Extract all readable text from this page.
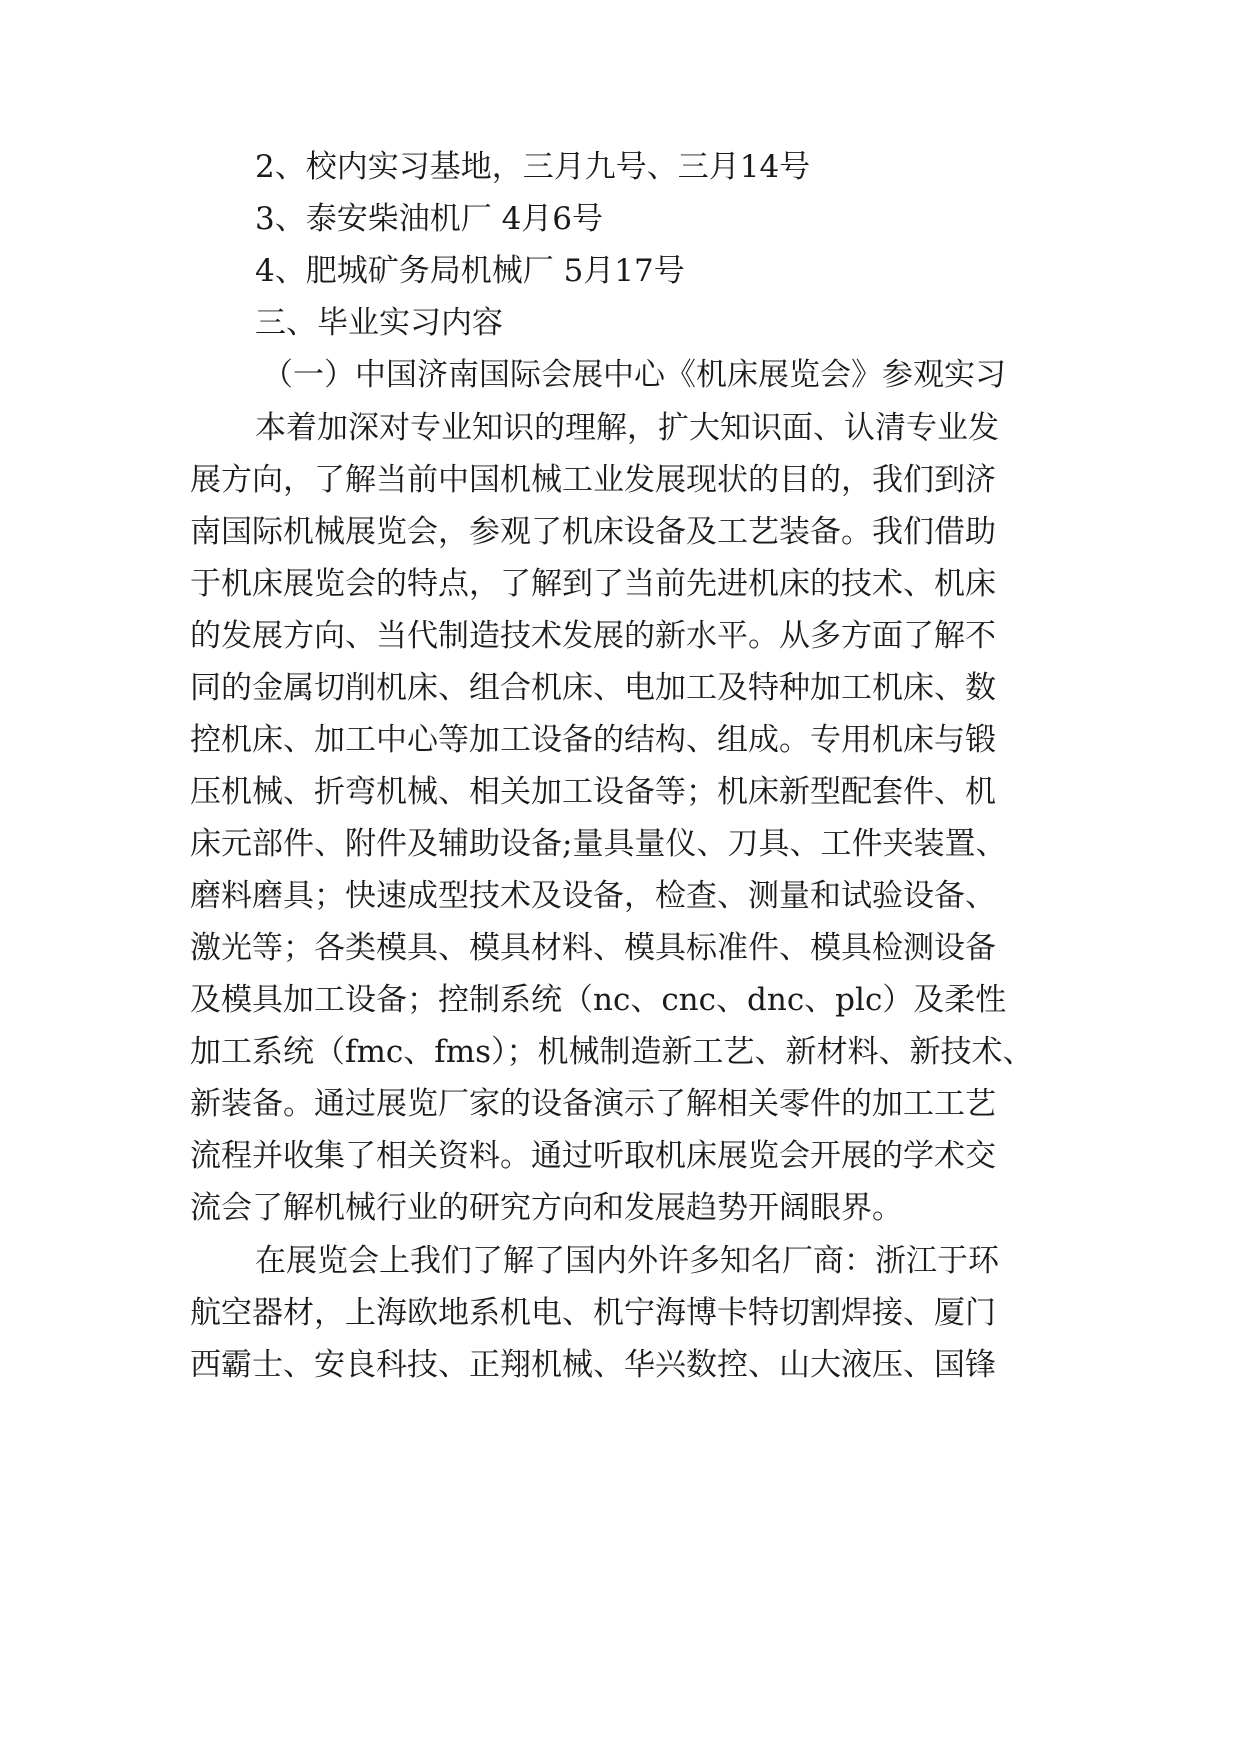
2、校内实习基地，三月九号、三月14号
3、泰安柴油机厂 4月6号
4、肥城矿务局机械厂 5月17号
三、毕业实习内容
（一）中国济南国际会展中心《机床展览会》参观实习
本着加深对专业知识的理解，扩大知识面、认清专业发
展方向，了解当前中国机械工业发展现状的目的，我们到济
南国际机械展览会，参观了机床设备及工艺装备。我们借助
于机床展览会的特点，了解到了当前先进机床的技术、机床
的发展方向、当代制造技术发展的新水平。从多方面了解不
同的金属切削机床、组合机床、电加工及特种加工机床、数
控机床、加工中心等加工设备的结构、组成。专用机床与锻
压机械、折弯机械、相关加工设备等；机床新型配套件、机
床元部件、附件及辅助设备;量具量仪、刀具、工件夹装置、
磨料磨具；快速成型技术及设备，检查、测量和试验设备、
激光等；各类模具、模具材料、模具标准件、模具检测设备
及模具加工设备；控制系统（nc、cnc、dnc、plc）及柔性
加工系统（fmc、fms）；机械制造新工艺、新材料、新技术、
新装备。通过展览厂家的设备演示了解相关零件的加工工艺
流程并收集了相关资料。通过听取机床展览会开展的学术交
流会了解机械行业的研究方向和发展趋势开阔眼界。
在展览会上我们了解了国内外许多知名厂商：浙江于环
航空器材，上海欧地系机电、机宁海博卡特切割焊接、厦门
西霸士、安良科技、正翔机械、华兴数控、山大液压、国锋
